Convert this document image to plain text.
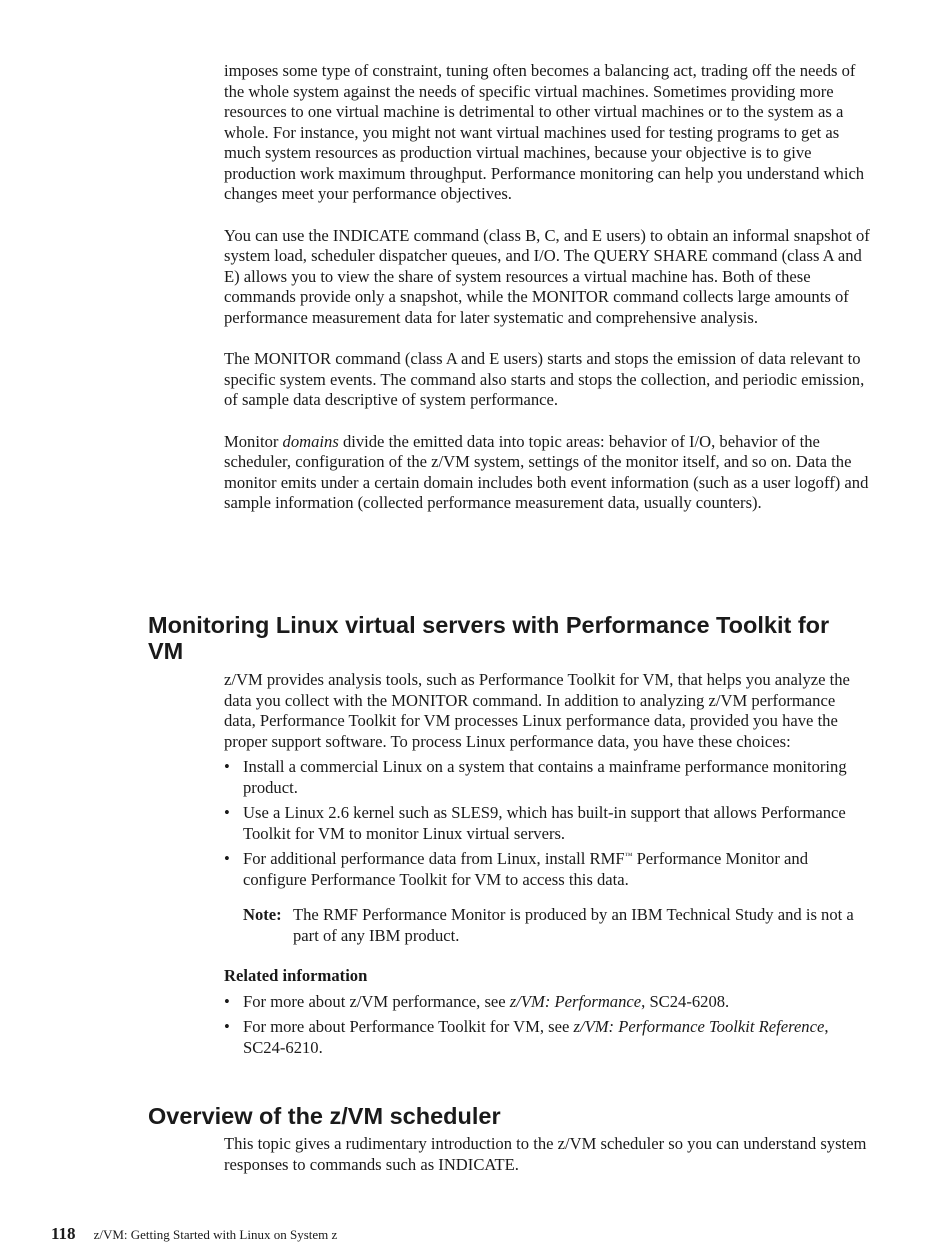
imposes some type of constraint, tuning often becomes a balancing act, trading off the needs of the whole system against the needs of specific virtual machines. Sometimes providing more resources to one virtual machine is detrimental to other virtual machines or to the system as a whole. For instance, you might not want virtual machines used for testing programs to get as much system resources as production virtual machines, because your objective is to give production work maximum throughput. Performance monitoring can help you understand which changes meet your performance objectives.

You can use the INDICATE command (class B, C, and E users) to obtain an informal snapshot of system load, scheduler dispatcher queues, and I/O. The QUERY SHARE command (class A and E) allows you to view the share of system resources a virtual machine has. Both of these commands provide only a snapshot, while the MONITOR command collects large amounts of performance measurement data for later systematic and comprehensive analysis.

The MONITOR command (class A and E users) starts and stops the emission of data relevant to specific system events. The command also starts and stops the collection, and periodic emission, of sample data descriptive of system performance.

Monitor domains divide the emitted data into topic areas: behavior of I/O, behavior of the scheduler, configuration of the z/VM system, settings of the monitor itself, and so on. Data the monitor emits under a certain domain includes both event information (such as a user logoff) and sample information (collected performance measurement data, usually counters).

Monitoring Linux virtual servers with Performance Toolkit for VM

z/VM provides analysis tools, such as Performance Toolkit for VM, that helps you analyze the data you collect with the MONITOR command. In addition to analyzing z/VM performance data, Performance Toolkit for VM processes Linux performance data, provided you have the proper support software. To process Linux performance data, you have these choices:

• Install a commercial Linux on a system that contains a mainframe performance monitoring product.
• Use a Linux 2.6 kernel such as SLES9, which has built-in support that allows Performance Toolkit for VM to monitor Linux virtual servers.
• For additional performance data from Linux, install RMF™ Performance Monitor and configure Performance Toolkit for VM to access this data.
Note: The RMF Performance Monitor is produced by an IBM Technical Study and is not a part of any IBM product.
Related information
• For more about z/VM performance, see z/VM: Performance, SC24-6208.
• For more about Performance Toolkit for VM, see z/VM: Performance Toolkit Reference, SC24-6210.
Overview of the z/VM scheduler

This topic gives a rudimentary introduction to the z/VM scheduler so you can understand system responses to commands such as INDICATE.

118 z/VM: Getting Started with Linux on System z
